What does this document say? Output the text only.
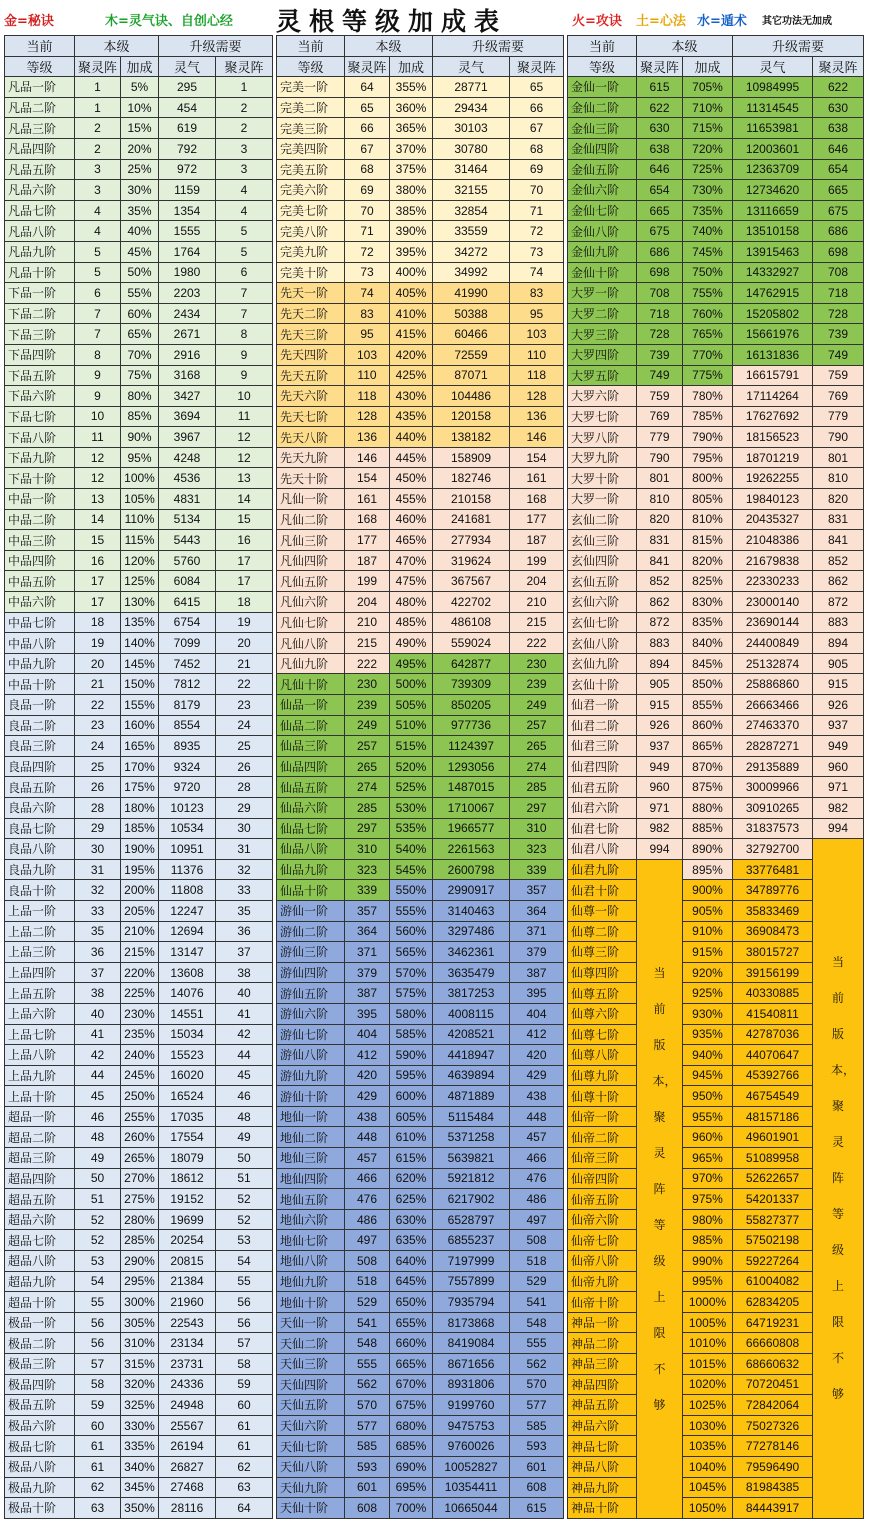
金=秘诀	木=灵气诀、自创心经 灵根等级加成表	火=攻诀 土=心法 水=遁术 其它功法无加成
当前	本级		升级需要	
等级	聚灵阵	加成	灵气	聚灵阵
凡品一阶	1	5%	295	1
凡品二阶	1	10%	454	2
凡品三阶	2	15%	619	2
凡品四阶	2	20%	792	3
凡品五阶	3	25%	972	3
凡品六阶	3	30%	1159	4
凡品七阶	4	35%	1354	4
凡品八阶	4	40%	1555	5
凡品九阶	5	45%	1764	5
凡品十阶	5	50%	1980	6
下品一阶	6	55%	2203	7
下品二阶	7	60%	2434	7
下品三阶	7	65%	2671	8
下品四阶	8	70%	2916	9
下品五阶	9	75%	3168	9
下品六阶	9	80%	3427	10
下品七阶	10	85%	3694	11
下品八阶	11	90%	3967	12
下品九阶	12	95%	4248	12
下品十阶	12	100%	4536	13
中品一阶	13	105%	4831	14
中品二阶	14	110%	5134	15
中品三阶	15	115%	5443	16
中品四阶	16	120%	5760	17
中品五阶	17	125%	6084	17
中品六阶	17	130%	6415	18
中品七阶	18	135%	6754	19
中品八阶	19	140%	7099	20
中品九阶	20	145%	7452	21
中品十阶	21	150%	7812	22
良品一阶	22	155%	8179	23
良品二阶	23	160%	8554	24
良品三阶	24	165%	8935	25
良品四阶	25	170%	9324	26
良品五阶	26	175%	9720	28
良品六阶	28	180%	10123	29
良品七阶	29	185%	10534	30
良品八阶	30	190%	10951	31
良品九阶	31	195%	11376	32
良品十阶	32	200%	11808	33
上品一阶	33	205%	12247	35
上品二阶	35	210%	12694	36
上品三阶	36	215%	13147	37
上品四阶	37	220%	13608	38
上品五阶	38	225%	14076	40
上品六阶	40	230%	14551	41
上品七阶	41	235%	15034	42
上品八阶	42	240%	15523	44
上品九阶	44	245%	16020	45
上品十阶	45	250%	16524	46
超品一阶	46	255%	17035	48
超品二阶	48	260%	17554	49
超品三阶	49	265%	18079	50
超品四阶	50	270%	18612	51
超品五阶	51	275%	19152	52
超品六阶	52	280%	19699	52
超品七阶	52	285%	20254	53
超品八阶	53	290%	20815	54
超品九阶	54	295%	21384	55
超品十阶	55	300%	21960	56
极品一阶	56	305%	22543	56
极品二阶	56	310%	23134	57
极品三阶	57	315%	23731	58
极品四阶	58	320%	24336	59
极品五阶	59	325%	24948	60
极品六阶	60	330%	25567	61
极品七阶	61	335%	26194	61
极品八阶	61	340%	26827	62
极品九阶	62	345%	27468	63
极品十阶	63	350%	28116	64
当前	本级		升级需要	
等级	聚灵阵	加成	灵气	聚灵阵
完美一阶	64	355%	28771	65
完美二阶	65	360%	29434	66
完美三阶	66	365%	30103	67
完美四阶	67	370%	30780	68
完美五阶	68	375%	31464	69
完美六阶	69	380%	32155	70
完美七阶	70	385%	32854	71
完美八阶	71	390%	33559	72
完美九阶	72	395%	34272	73
完美十阶	73	400%	34992	74
先天一阶	74	405%	41990	83
先天二阶	83	410%	50388	95
先天三阶	95	415%	60466	103
先天四阶	103	420%	72559	110
先天五阶	110	425%	87071	118
先天六阶	118	430%	104486	128
先天七阶	128	435%	120158	136
先天八阶	136	440%	138182	146
先天九阶	146	445%	158909	154
先天十阶	154	450%	182746	161
凡仙一阶	161	455%	210158	168
凡仙二阶	168	460%	241681	177
凡仙三阶	177	465%	277934	187
凡仙四阶	187	470%	319624	199
凡仙五阶	199	475%	367567	204
凡仙六阶	204	480%	422702	210
凡仙七阶	210	485%	486108	215
凡仙八阶	215	490%	559024	222
凡仙九阶	222	495%	642877	230
凡仙十阶	230	500%	739309	239
仙品一阶	239	505%	850205	249
仙品二阶	249	510%	977736	257
仙品三阶	257	515%	1124397	265
仙品四阶	265	520%	1293056	274
仙品五阶	274	525%	1487015	285
仙品六阶	285	530%	1710067	297
仙品七阶	297	535%	1966577	310
仙品八阶	310	540%	2261563	323
仙品九阶	323	545%	2600798	339
仙品十阶	339	550%	2990917	357
游仙一阶	357	555%	3140463	364
游仙二阶	364	560%	3297486	371
游仙三阶	371	565%	3462361	379
游仙四阶	379	570%	3635479	387
游仙五阶	387	575%	3817253	395
游仙六阶	395	580%	4008115	404
游仙七阶	404	585%	4208521	412
游仙八阶	412	590%	4418947	420
游仙九阶	420	595%	4639894	429
游仙十阶	429	600%	4871889	438
地仙一阶	438	605%	5115484	448
地仙二阶	448	610%	5371258	457
地仙三阶	457	615%	5639821	466
地仙四阶	466	620%	5921812	476
地仙五阶	476	625%	6217902	486
地仙六阶	486	630%	6528797	497
地仙七阶	497	635%	6855237	508
地仙八阶	508	640%	7197999	518
地仙九阶	518	645%	7557899	529
地仙十阶	529	650%	7935794	541
天仙一阶	541	655%	8173868	548
天仙二阶	548	660%	8419084	555
天仙三阶	555	665%	8671656	562
天仙四阶	562	670%	8931806	570
天仙五阶	570	675%	9199760	577
天仙六阶	577	680%	9475753	585
天仙七阶	585	685%	9760026	593
天仙八阶	593	690%	10052827	601
天仙九阶	601	695%	10354411	608
天仙十阶	608	700%	10665044	615
当前	本级		升级需要	
等级	聚灵阵	加成	灵气	聚灵阵
金仙一阶	615	705%	10984995	622
金仙二阶	622	710%	11314545	630
金仙三阶	630	715%	11653981	638
金仙四阶	638	720%	12003601	646
金仙五阶	646	725%	12363709	654
金仙六阶	654	730%	12734620	665
金仙七阶	665	735%	13116659	675
金仙八阶	675	740%	13510158	686
金仙九阶	686	745%	13915463	698
金仙十阶	698	750%	14332927	708
大罗一阶	708	755%	14762915	718
大罗二阶	718	760%	15205802	728
大罗三阶	728	765%	15661976	739
大罗四阶	739	770%	16131836	749
大罗五阶	749	775%	16615791	759
大罗六阶	759	780%	17114264	769
大罗七阶	769	785%	17627692	779
大罗八阶	779	790%	18156523	790
大罗九阶	790	795%	18701219	801
大罗十阶	801	800%	19262255	810
大罗一阶	810	805%	19840123	820
玄仙二阶	820	810%	20435327	831
玄仙三阶	831	815%	21048386	841
玄仙四阶	841	820%	21679838	852
玄仙五阶	852	825%	22330233	862
玄仙六阶	862	830%	23000140	872
玄仙七阶	872	835%	23690144	883
玄仙八阶	883	840%	24400849	894
玄仙九阶	894	845%	25132874	905
玄仙十阶	905	850%	25886860	915
仙君一阶	915	855%	26663466	926
仙君二阶	926	860%	27463370	937
仙君三阶	937	865%	28287271	949
仙君四阶	949	870%	29135889	960
仙君五阶	960	875%	30009966	971
仙君六阶	971	880%	30910265	982
仙君七阶	982	885%	31837573	994
仙君八阶	994	890%	32792700	当前版本，聚灵阵等级上限不够

仙君九阶	当前版本，聚灵阵等级上限不够	895%	33776481	
仙君十阶		900%	34789776	
仙尊一阶		905%	35833469	
仙尊二阶		910%	36908473	
仙尊三阶		915%	38015727	
仙尊四阶		920%	39156199	
仙尊五阶		925%	40330885	
仙尊六阶		930%	41540811	
仙尊七阶		935%	42787036	
仙尊八阶		940%	44070647	
仙尊九阶		945%	45392766	
仙尊十阶		950%	46754549	
仙帝一阶		955%	48157186	
仙帝二阶		960%	49601901	
仙帝三阶		965%	51089958	
仙帝四阶		970%	52622657	
仙帝五阶		975%	54201337	
仙帝六阶		980%	55827377	
仙帝七阶		985%	57502198	
仙帝八阶		990%	59227264	
仙帝九阶		995%	61004082	
仙帝十阶		1000%	62834205	
神品一阶		1005%	64719231	
神品二阶		1010%	66660808	
神品三阶		1015%	68660632	
神品四阶		1020%	70720451	
神品五阶		1025%	72842064	
神品六阶		1030%	75027326	
神品七阶		1035%	77278146	
神品八阶		1040%	79596490	
神品九阶		1045%	81984385	
神品十阶		1050%	84443917	
